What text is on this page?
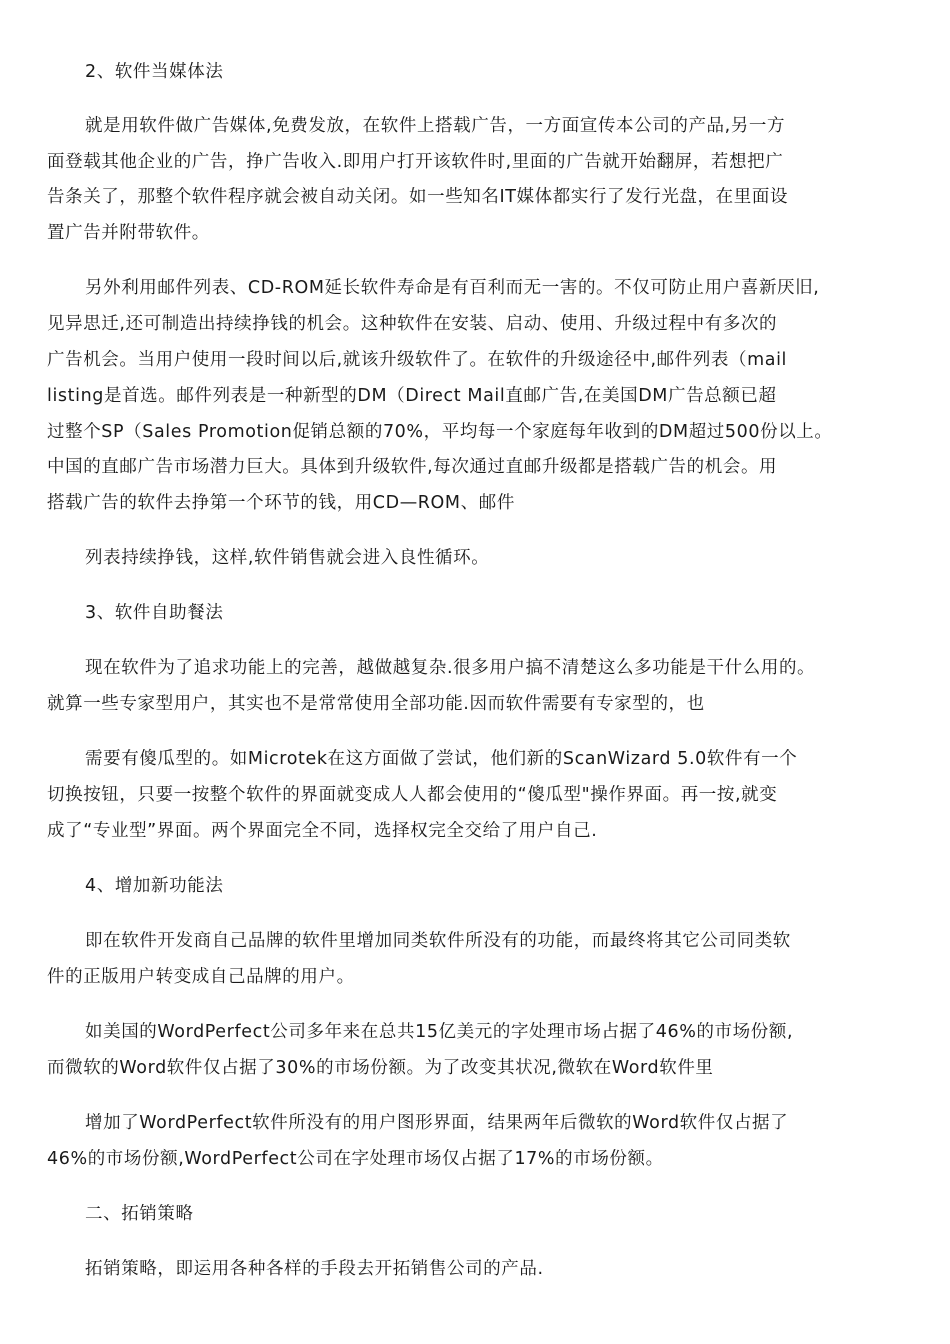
2、软件当媒体法
就是用软件做广告媒体,免费发放，在软件上搭载广告，一方面宣传本公司的产品,另一方
面登载其他企业的广告，挣广告收入.即用户打开该软件时,里面的广告就开始翻屏，若想把广
告条关了，那整个软件程序就会被自动关闭。如一些知名IT媒体都实行了发行光盘，在里面设
置广告并附带软件。
另外利用邮件列表、CD-ROM延长软件寿命是有百利而无一害的。不仅可防止用户喜新厌旧,
见异思迁,还可制造出持续挣钱的机会。这种软件在安装、启动、使用、升级过程中有多次的
广告机会。当用户使用一段时间以后,就该升级软件了。在软件的升级途径中,邮件列表（mail
listing是首选。邮件列表是一种新型的DM（Direct Mail直邮广告,在美国DM广告总额已超
过整个SP（Sales Promotion促销总额的70%，平均每一个家庭每年收到的DM超过500份以上。
中国的直邮广告市场潜力巨大。具体到升级软件,每次通过直邮升级都是搭载广告的机会。用
搭载广告的软件去挣第一个环节的钱，用CD—ROM、邮件
列表持续挣钱，这样,软件销售就会进入良性循环。
3、软件自助餐法
现在软件为了追求功能上的完善，越做越复杂.很多用户搞不清楚这么多功能是干什么用的。
就算一些专家型用户，其实也不是常常使用全部功能.因而软件需要有专家型的，也
需要有傻瓜型的。如Microtek在这方面做了尝试，他们新的ScanWizard 5.0软件有一个
切换按钮，只要一按整个软件的界面就变成人人都会使用的“傻瓜型"操作界面。再一按,就变
成了“专业型”界面。两个界面完全不同，选择权完全交给了用户自己.
4、增加新功能法
即在软件开发商自己品牌的软件里增加同类软件所没有的功能，而最终将其它公司同类软
件的正版用户转变成自己品牌的用户。
如美国的WordPerfect公司多年来在总共15亿美元的字处理市场占据了46%的市场份额,
而微软的Word软件仅占据了30%的市场份额。为了改变其状况,微软在Word软件里
增加了WordPerfect软件所没有的用户图形界面，结果两年后微软的Word软件仅占据了
46%的市场份额,WordPerfect公司在字处理市场仅占据了17%的市场份额。
二、拓销策略
拓销策略，即运用各种各样的手段去开拓销售公司的产品.
